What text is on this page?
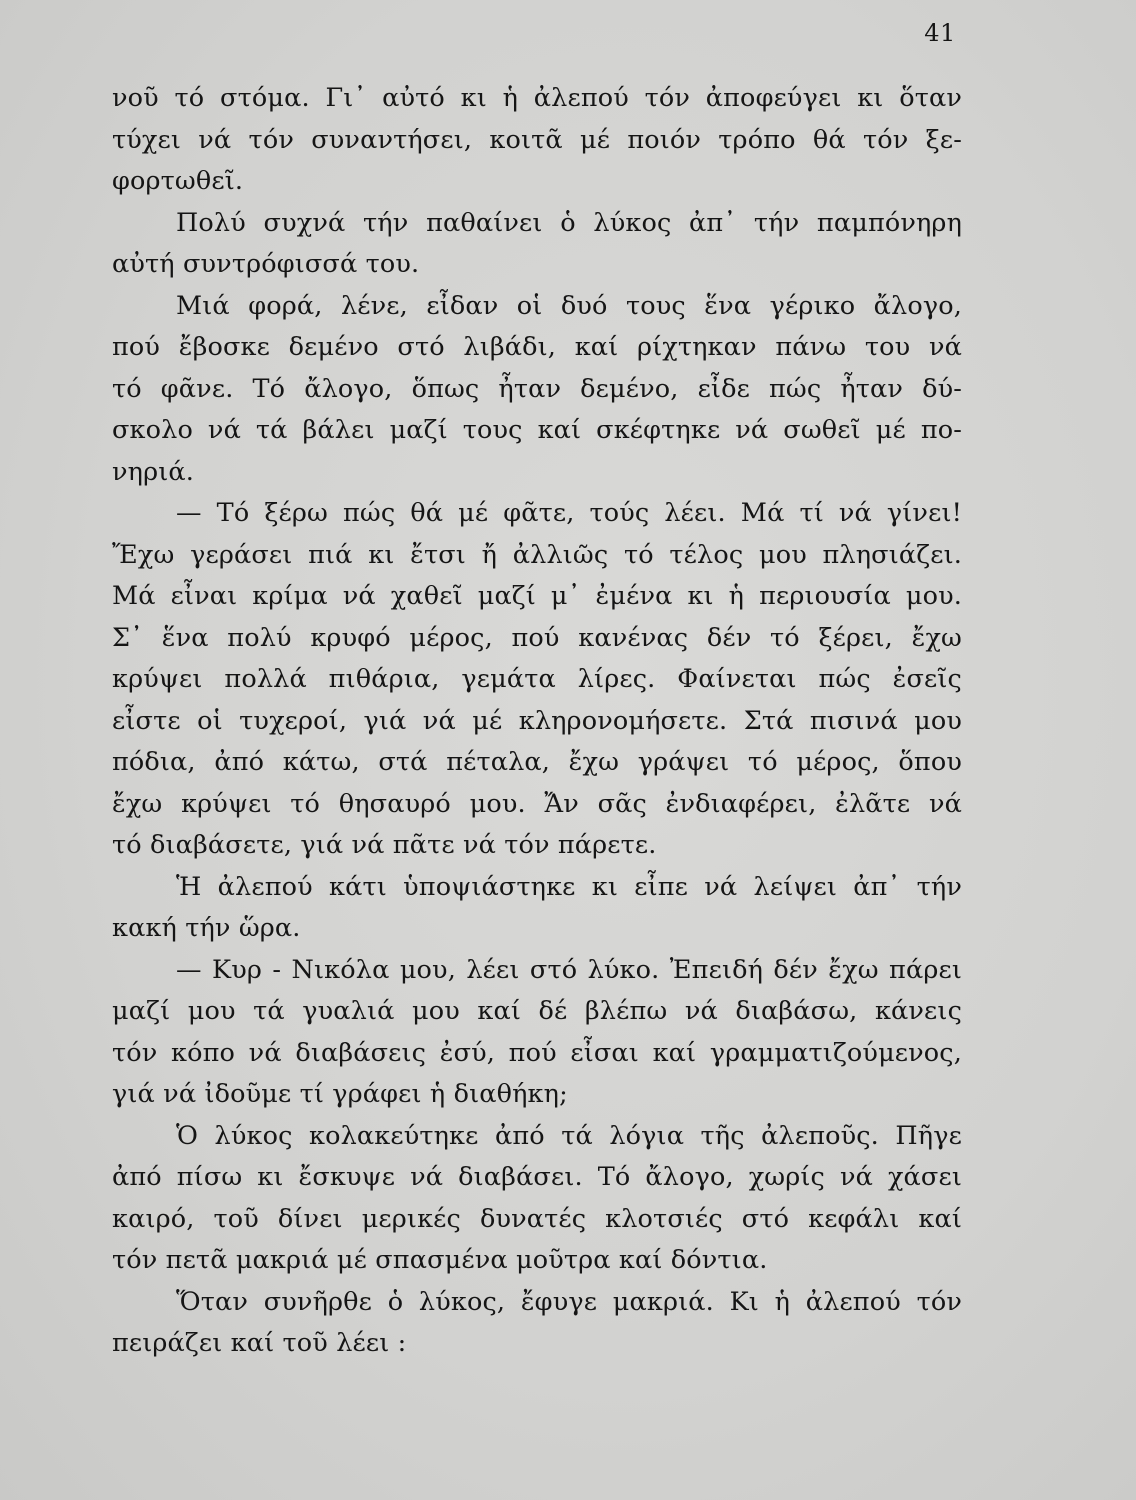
41
νοῦ τό στόμα. Γι᾽ αὐτό κι ἡ ἀλεπού τόν ἀποφεύγει κι ὅταν
τύχει νά τόν συναντήσει, κοιτᾶ μέ ποιόν τρόπο θά τόν ξε-
φορτωθεῖ.
Πολύ συχνά τήν παθαίνει ὁ λύκος ἀπ᾽ τήν παμπόνηρη
αὐτή συντρόφισσά του.
Μιά φορά, λένε, εἶδαν οἱ δυό τους ἕνα γέρικο ἄλογο,
πού ἔβοσκε δεμένο στό λιβάδι, καί ρίχτηκαν πάνω του νά
τό φᾶνε. Τό ἄλογο, ὅπως ἦταν δεμένο, εἶδε πώς ἦταν δύ-
σκολο νά τά βάλει μαζί τους καί σκέφτηκε νά σωθεῖ μέ πο-
νηριά.
— Τό ξέρω πώς θά μέ φᾶτε, τούς λέει. Μά τί νά γίνει!
Ἔχω γεράσει πιά κι ἔτσι ἤ ἀλλιῶς τό τέλος μου πλησιάζει.
Μά εἶναι κρίμα νά χαθεῖ μαζί μ᾽ ἐμένα κι ἡ περιουσία μου.
Σ᾽ ἕνα πολύ κρυφό μέρος, πού κανένας δέν τό ξέρει, ἔχω
κρύψει πολλά πιθάρια, γεμάτα λίρες. Φαίνεται πώς ἐσεῖς
εἶστε οἱ τυχεροί, γιά νά μέ κληρονομήσετε. Στά πισινά μου
πόδια, ἀπό κάτω, στά πέταλα, ἔχω γράψει τό μέρος, ὅπου
ἔχω κρύψει τό θησαυρό μου. Ἄν σᾶς ἐνδιαφέρει, ἐλᾶτε νά
τό διαβάσετε, γιά νά πᾶτε νά τόν πάρετε.
Ἡ ἀλεπού κάτι ὑποψιάστηκε κι εἶπε νά λείψει ἀπ᾽ τήν
κακή τήν ὥρα.
— Κυρ - Νικόλα μου, λέει στό λύκο. Ἐπειδή δέν ἔχω πάρει
μαζί μου τά γυαλιά μου καί δέ βλέπω νά διαβάσω, κάνεις
τόν κόπο νά διαβάσεις ἐσύ, πού εἶσαι καί γραμματιζούμενος,
γιά νά ἰδοῦμε τί γράφει ἡ διαθήκη;
Ὁ λύκος κολακεύτηκε ἀπό τά λόγια τῆς ἀλεποῦς. Πῆγε
ἀπό πίσω κι ἔσκυψε νά διαβάσει. Τό ἄλογο, χωρίς νά χάσει
καιρό, τοῦ δίνει μερικές δυνατές κλοτσιές στό κεφάλι καί
τόν πετᾶ μακριά μέ σπασμένα μοῦτρα καί δόντια.
Ὅταν συνῆρθε ὁ λύκος, ἔφυγε μακριά. Κι ἡ ἀλεπού τόν
πειράζει καί τοῦ λέει :
